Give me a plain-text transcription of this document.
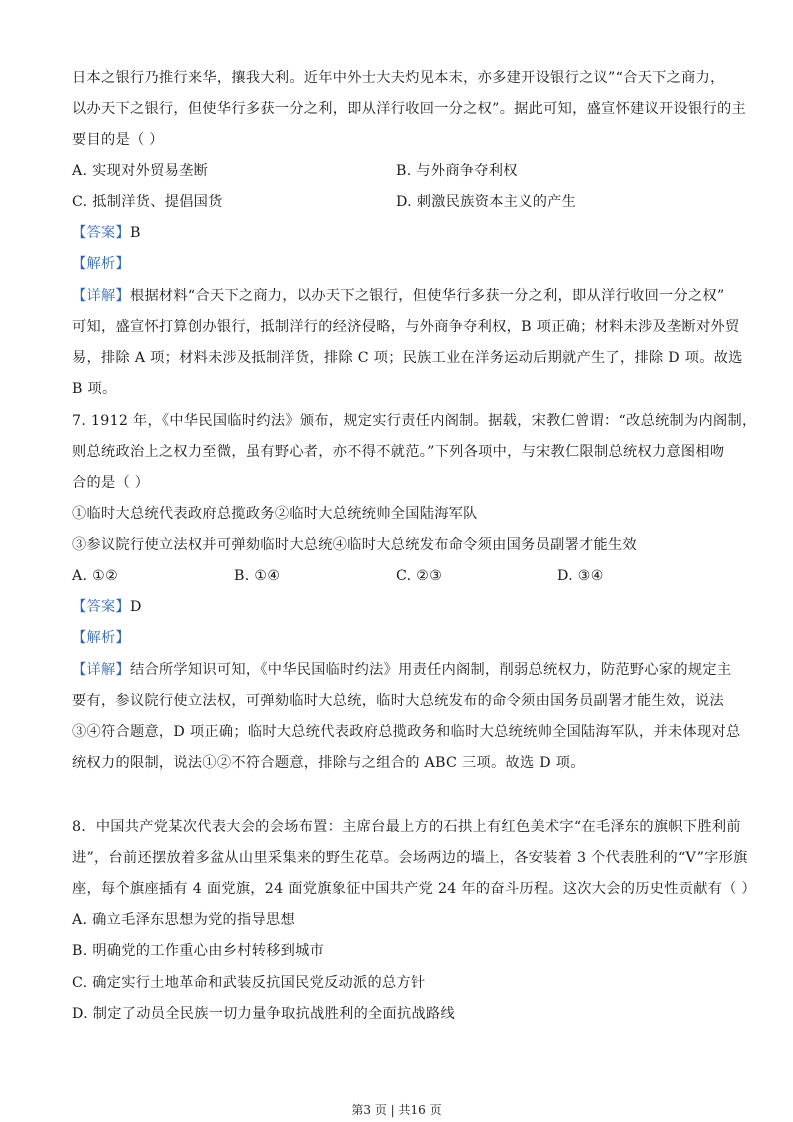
日本之银行乃推行来华，攘我大利。近年中外士大夫灼见本末，亦多建开设银行之议”“合天下之商力，
以办天下之银行，但使华行多获一分之利，即从洋行收回一分之权”。据此可知，盛宣怀建议开设银行的主
要目的是（ ）
A. 实现对外贸易垄断	B. 与外商争夺利权
C. 抵制洋货、提倡国货	D. 刺激民族资本主义的产生
【答案】B
【解析】
【详解】根据材料“合天下之商力，以办天下之银行，但使华行多获一分之利，即从洋行收回一分之权”
可知，盛宣怀打算创办银行，抵制洋行的经济侵略，与外商争夺利权，B 项正确；材料未涉及垄断对外贸
易，排除 A 项；材料未涉及抵制洋货，排除 C 项；民族工业在洋务运动后期就产生了，排除 D 项。故选
B 项。
7. 1912 年，《中华民国临时约法》颁布，规定实行责任内阁制。据载，宋教仁曾谓：“改总统制为内阁制，
则总统政治上之权力至微，虽有野心者，亦不得不就范。”下列各项中，与宋教仁限制总统权力意图相吻
合的是（ ）
①临时大总统代表政府总揽政务②临时大总统统帅全国陆海军队
③参议院行使立法权并可弹劾临时大总统④临时大总统发布命令须由国务员副署才能生效
A. ①②	B. ①④	C. ②③	D. ③④
【答案】D
【解析】
【详解】结合所学知识可知，《中华民国临时约法》用责任内阁制，削弱总统权力，防范野心家的规定主
要有，参议院行使立法权，可弹劾临时大总统，临时大总统发布的命令须由国务员副署才能生效，说法
③④符合题意，D 项正确；临时大总统代表政府总揽政务和临时大总统统帅全国陆海军队，并未体现对总
统权力的限制，说法①②不符合题意，排除与之组合的 ABC 三项。故选 D 项。
8．中国共产党某次代表大会的会场布置：主席台最上方的石拱上有红色美术字“在毛泽东的旗帜下胜利前
进”，台前还摆放着多盆从山里采集来的野生花草。会场两边的墙上，各安装着 3 个代表胜利的“V”字形旗
座，每个旗座插有 4 面党旗，24 面党旗象征中国共产党 24 年的奋斗历程。这次大会的历史性贡献有（ ）
A. 确立毛泽东思想为党的指导思想
B. 明确党的工作重心由乡村转移到城市
C. 确定实行土地革命和武装反抗国民党反动派的总方针
D. 制定了动员全民族一切力量争取抗战胜利的全面抗战路线
第3 页 | 共16 页
